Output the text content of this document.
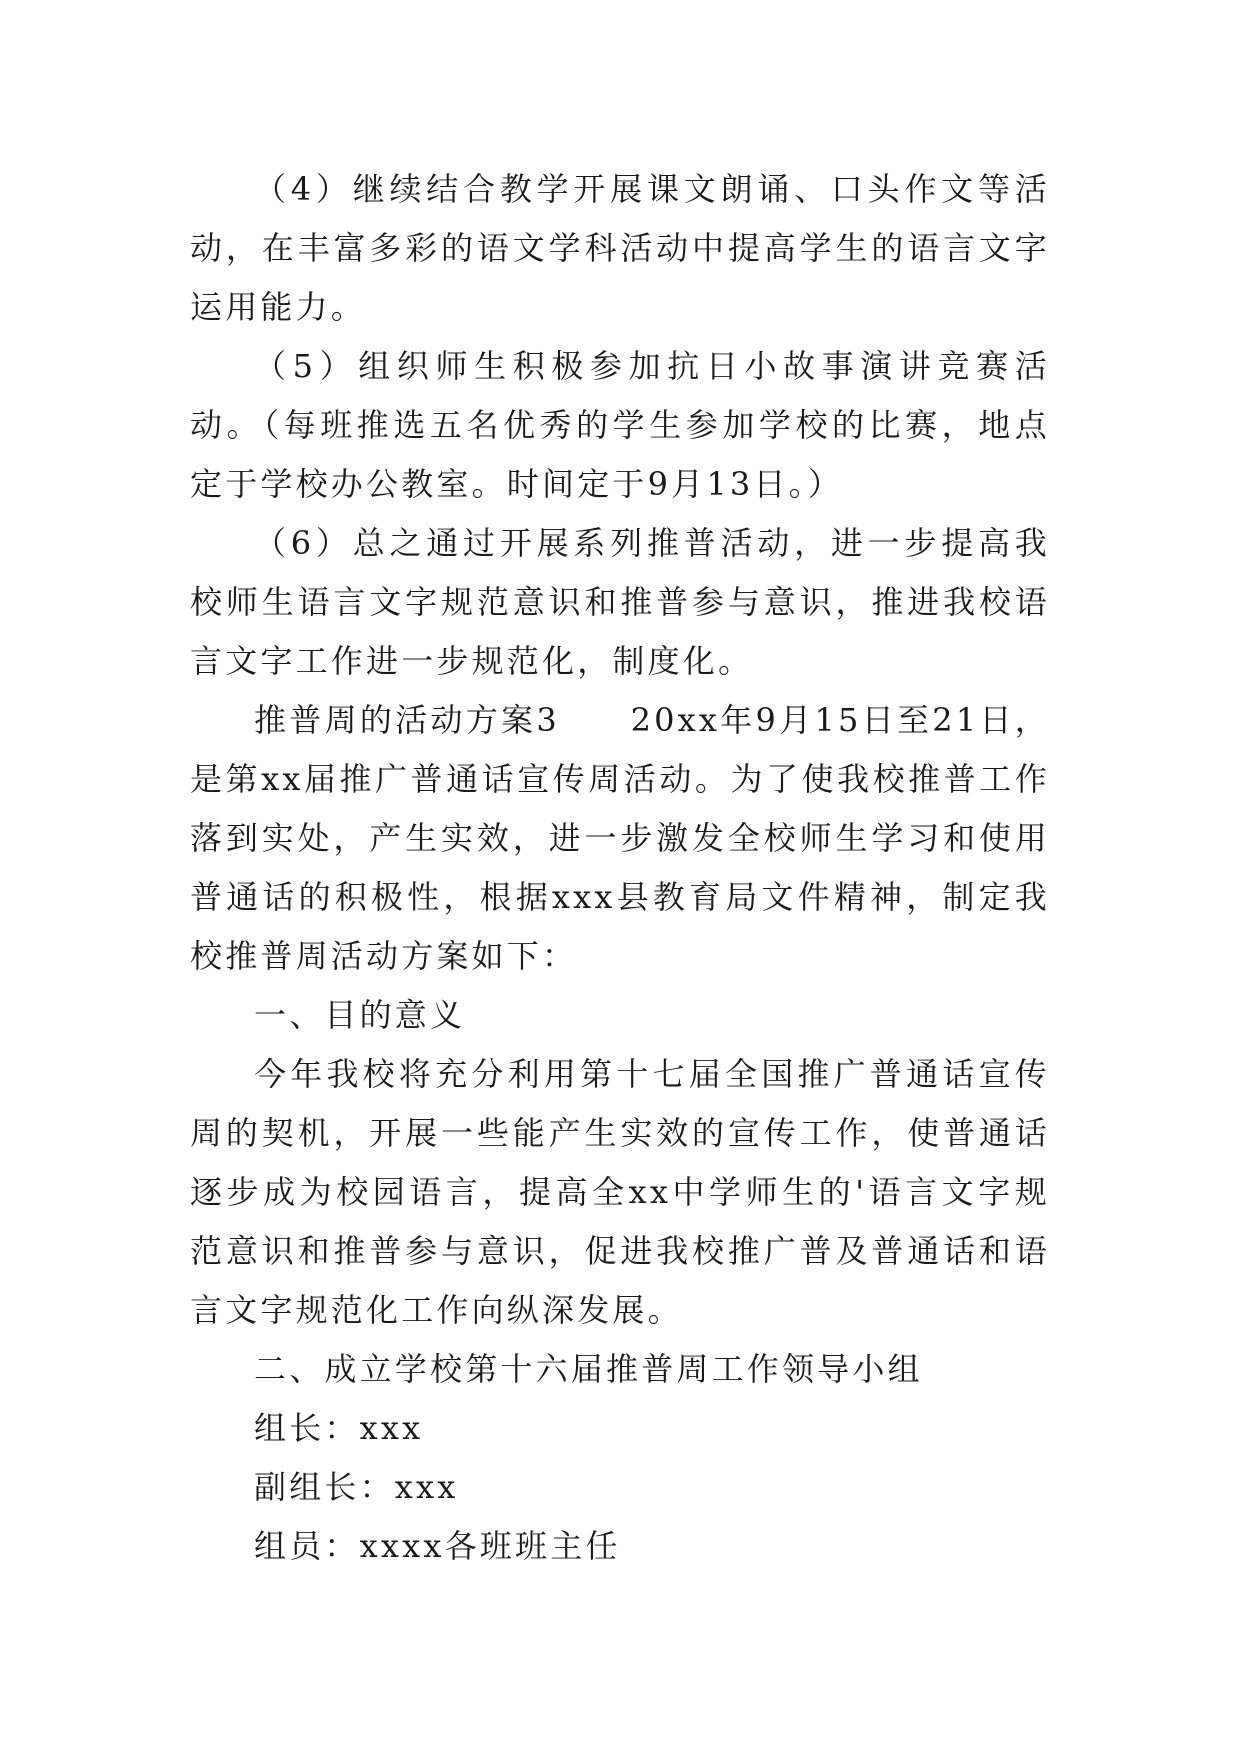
（4）继续结合教学开展课文朗诵、口头作文等活动，在丰富多彩的语文学科活动中提高学生的语言文字运用能力。

（5）组织师生积极参加抗日小故事演讲竞赛活动。（每班推选五名优秀的学生参加学校的比赛，地点定于学校办公教室。时间定于9月13日。）

（6）总之通过开展系列推普活动，进一步提高我校师生语言文字规范意识和推普参与意识，推进我校语言文字工作进一步规范化，制度化。

推普周的活动方案3　　20xx年9月15日至21日，是第xx届推广普通话宣传周活动。为了使我校推普工作落到实处，产生实效，进一步激发全校师生学习和使用普通话的积极性，根据xxx县教育局文件精神，制定我校推普周活动方案如下：

一、目的意义

今年我校将充分利用第十七届全国推广普通话宣传周的契机，开展一些能产生实效的宣传工作，使普通话逐步成为校园语言，提高全xx中学师生的'语言文字规范意识和推普参与意识，促进我校推广普及普通话和语言文字规范化工作向纵深发展。

二、成立学校第十六届推普周工作领导小组

组长：xxx

副组长：xxx

组员：xxxx各班班主任
